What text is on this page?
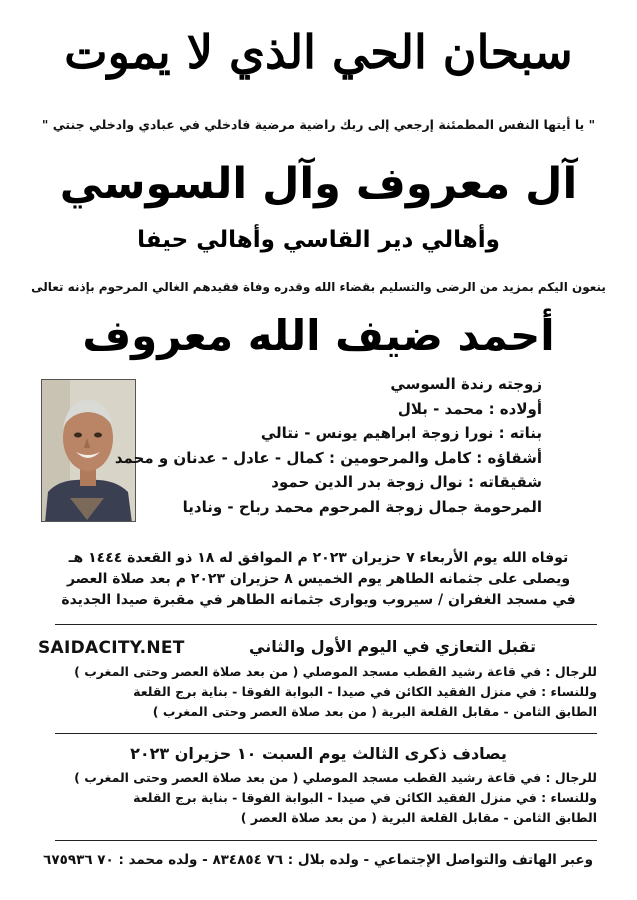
سبحان الحي الذي لا يموت
" يا أيتها النفس المطمئنة إرجعي إلى ربك راضية مرضية فادخلي في عبادي وادخلي جنتي "
آل معروف وآل السوسي
وأهالي دير القاسي وأهالي حيفا
ينعون اليكم بمزيد من الرضى والتسليم بقضاء الله وقدره وفاة فقيدهم الغالي المرحوم بإذنه تعالى
أحمد ضيف الله معروف
زوجته رندة السوسي
أولاده : محمد - بلال
بناته : نورا زوجة ابراهيم يونس - نتالي
أشقاؤه : كامل والمرحومين : كمال - عادل - عدنان و محمد
شقيقاته : نوال زوجة بدر الدين حمود
المرحومة جمال زوجة المرحوم محمد رباح - وناديا
توفاه الله يوم الأربعاء ٧ حزيران ٢٠٢٣ م الموافق له ١٨ ذو القعدة ١٤٤٤ هـ
ويصلى على جثمانه الطاهر يوم الخميس ٨ حزيران ٢٠٢٣ م بعد صلاة العصر
في مسجد الغفران / سيروب ويوارى جثمانه الطاهر في مقبرة صيدا الجديدة
SAIDACITY.NET	تقبل التعازي في اليوم الأول والثاني
للرجال : في قاعة رشيد القطب مسجد الموصلي ( من بعد صلاة العصر وحتى المغرب )
وللنساء : في منزل الفقيد الكائن في صيدا - البوابة الفوقا - بناية برج القلعة
الطابق الثامن - مقابل القلعة البرية ( من بعد صلاة العصر وحتى المغرب )
يصادف ذكرى الثالث يوم السبت ١٠ حزيران ٢٠٢٣
للرجال : في قاعة رشيد القطب مسجد الموصلي ( من بعد صلاة العصر وحتى المغرب )
وللنساء : في منزل الفقيد الكائن في صيدا - البوابة الفوقا - بناية برج القلعة
الطابق الثامن - مقابل القلعة البرية ( من بعد صلاة العصر )
وعبر الهاتف والتواصل الإجتماعي - ولده بلال : ٧٦ ٨٣٤٨٥٤ - ولده محمد : ٧٠ ٦٧٥٩٣٦
